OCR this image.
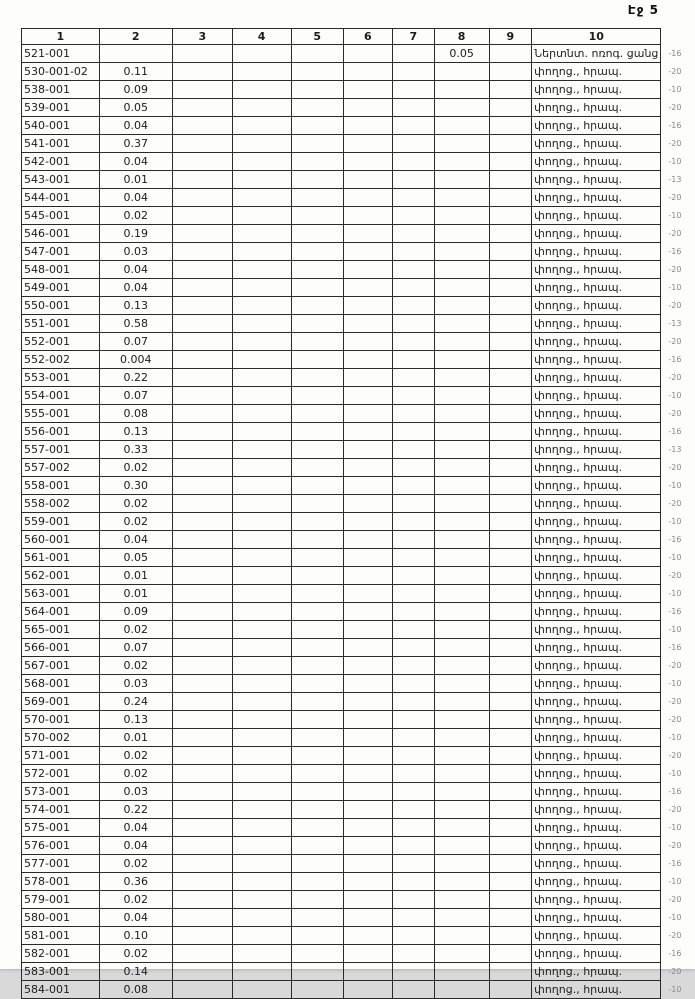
Էջ 5
1	2	3	4	5	6	7	8	9	10	
521-001							0.05		Ներտնտ. ոռոգ. ցանց	-16
530-001-02	0.11								փողոց., հրապ.	-20
538-001	0.09								փողոց., հրապ.	-10
539-001	0.05								փողոց., հրապ.	-20
540-001	0.04								փողոց., հրապ.	-16
541-001	0.37								փողոց., հրապ.	-20
542-001	0.04								փողոց., հրապ.	-10
543-001	0.01								փողոց., հրապ.	-13
544-001	0.04								փողոց., հրապ.	-20
545-001	0.02								փողոց., հրապ.	-10
546-001	0.19								փողոց., հրապ.	-20
547-001	0.03								փողոց., հրապ.	-16
548-001	0.04								փողոց., հրապ.	-20
549-001	0.04								փողոց., հրապ.	-10
550-001	0.13								փողոց., հրապ.	-20
551-001	0.58								փողոց., հրապ.	-13
552-001	0.07								փողոց., հրապ.	-20
552-002	0.004								փողոց., հրապ.	-16
553-001	0.22								փողոց., հրապ.	-20
554-001	0.07								փողոց., հրապ.	-10
555-001	0.08								փողոց., հրապ.	-20
556-001	0.13								փողոց., հրապ.	-16
557-001	0.33								փողոց., հրապ.	-13
557-002	0.02								փողոց., հրապ.	-20
558-001	0.30								փողոց., հրապ.	-10
558-002	0.02								փողոց., հրապ.	-20
559-001	0.02								փողոց., հրապ.	-10
560-001	0.04								փողոց., հրապ.	-16
561-001	0.05								փողոց., հրապ.	-10
562-001	0.01								փողոց., հրապ.	-20
563-001	0.01								փողոց., հրապ.	-10
564-001	0.09								փողոց., հրապ.	-16
565-001	0.02								փողոց., հրապ.	-10
566-001	0.07								փողոց., հրապ.	-16
567-001	0.02								փողոց., հրապ.	-20
568-001	0.03								փողոց., հրապ.	-10
569-001	0.24								փողոց., հրապ.	-20
570-001	0.13								փողոց., հրապ.	-20
570-002	0.01								փողոց., հրապ.	-10
571-001	0.02								փողոց., հրապ.	-20
572-001	0.02								փողոց., հրապ.	-10
573-001	0.03								փողոց., հրապ.	-16
574-001	0.22								փողոց., հրապ.	-20
575-001	0.04								փողոց., հրապ.	-10
576-001	0.04								փողոց., հրապ.	-20
577-001	0.02								փողոց., հրապ.	-16
578-001	0.36								փողոց., հրապ.	-10
579-001	0.02								փողոց., հրապ.	-20
580-001	0.04								փողոց., հրապ.	-10
581-001	0.10								փողոց., հրապ.	-20
582-001	0.02								փողոց., հրապ.	-16
583-001	0.14								փողոց., հրապ.	-20
584-001	0.08								փողոց., հրապ.	-10
